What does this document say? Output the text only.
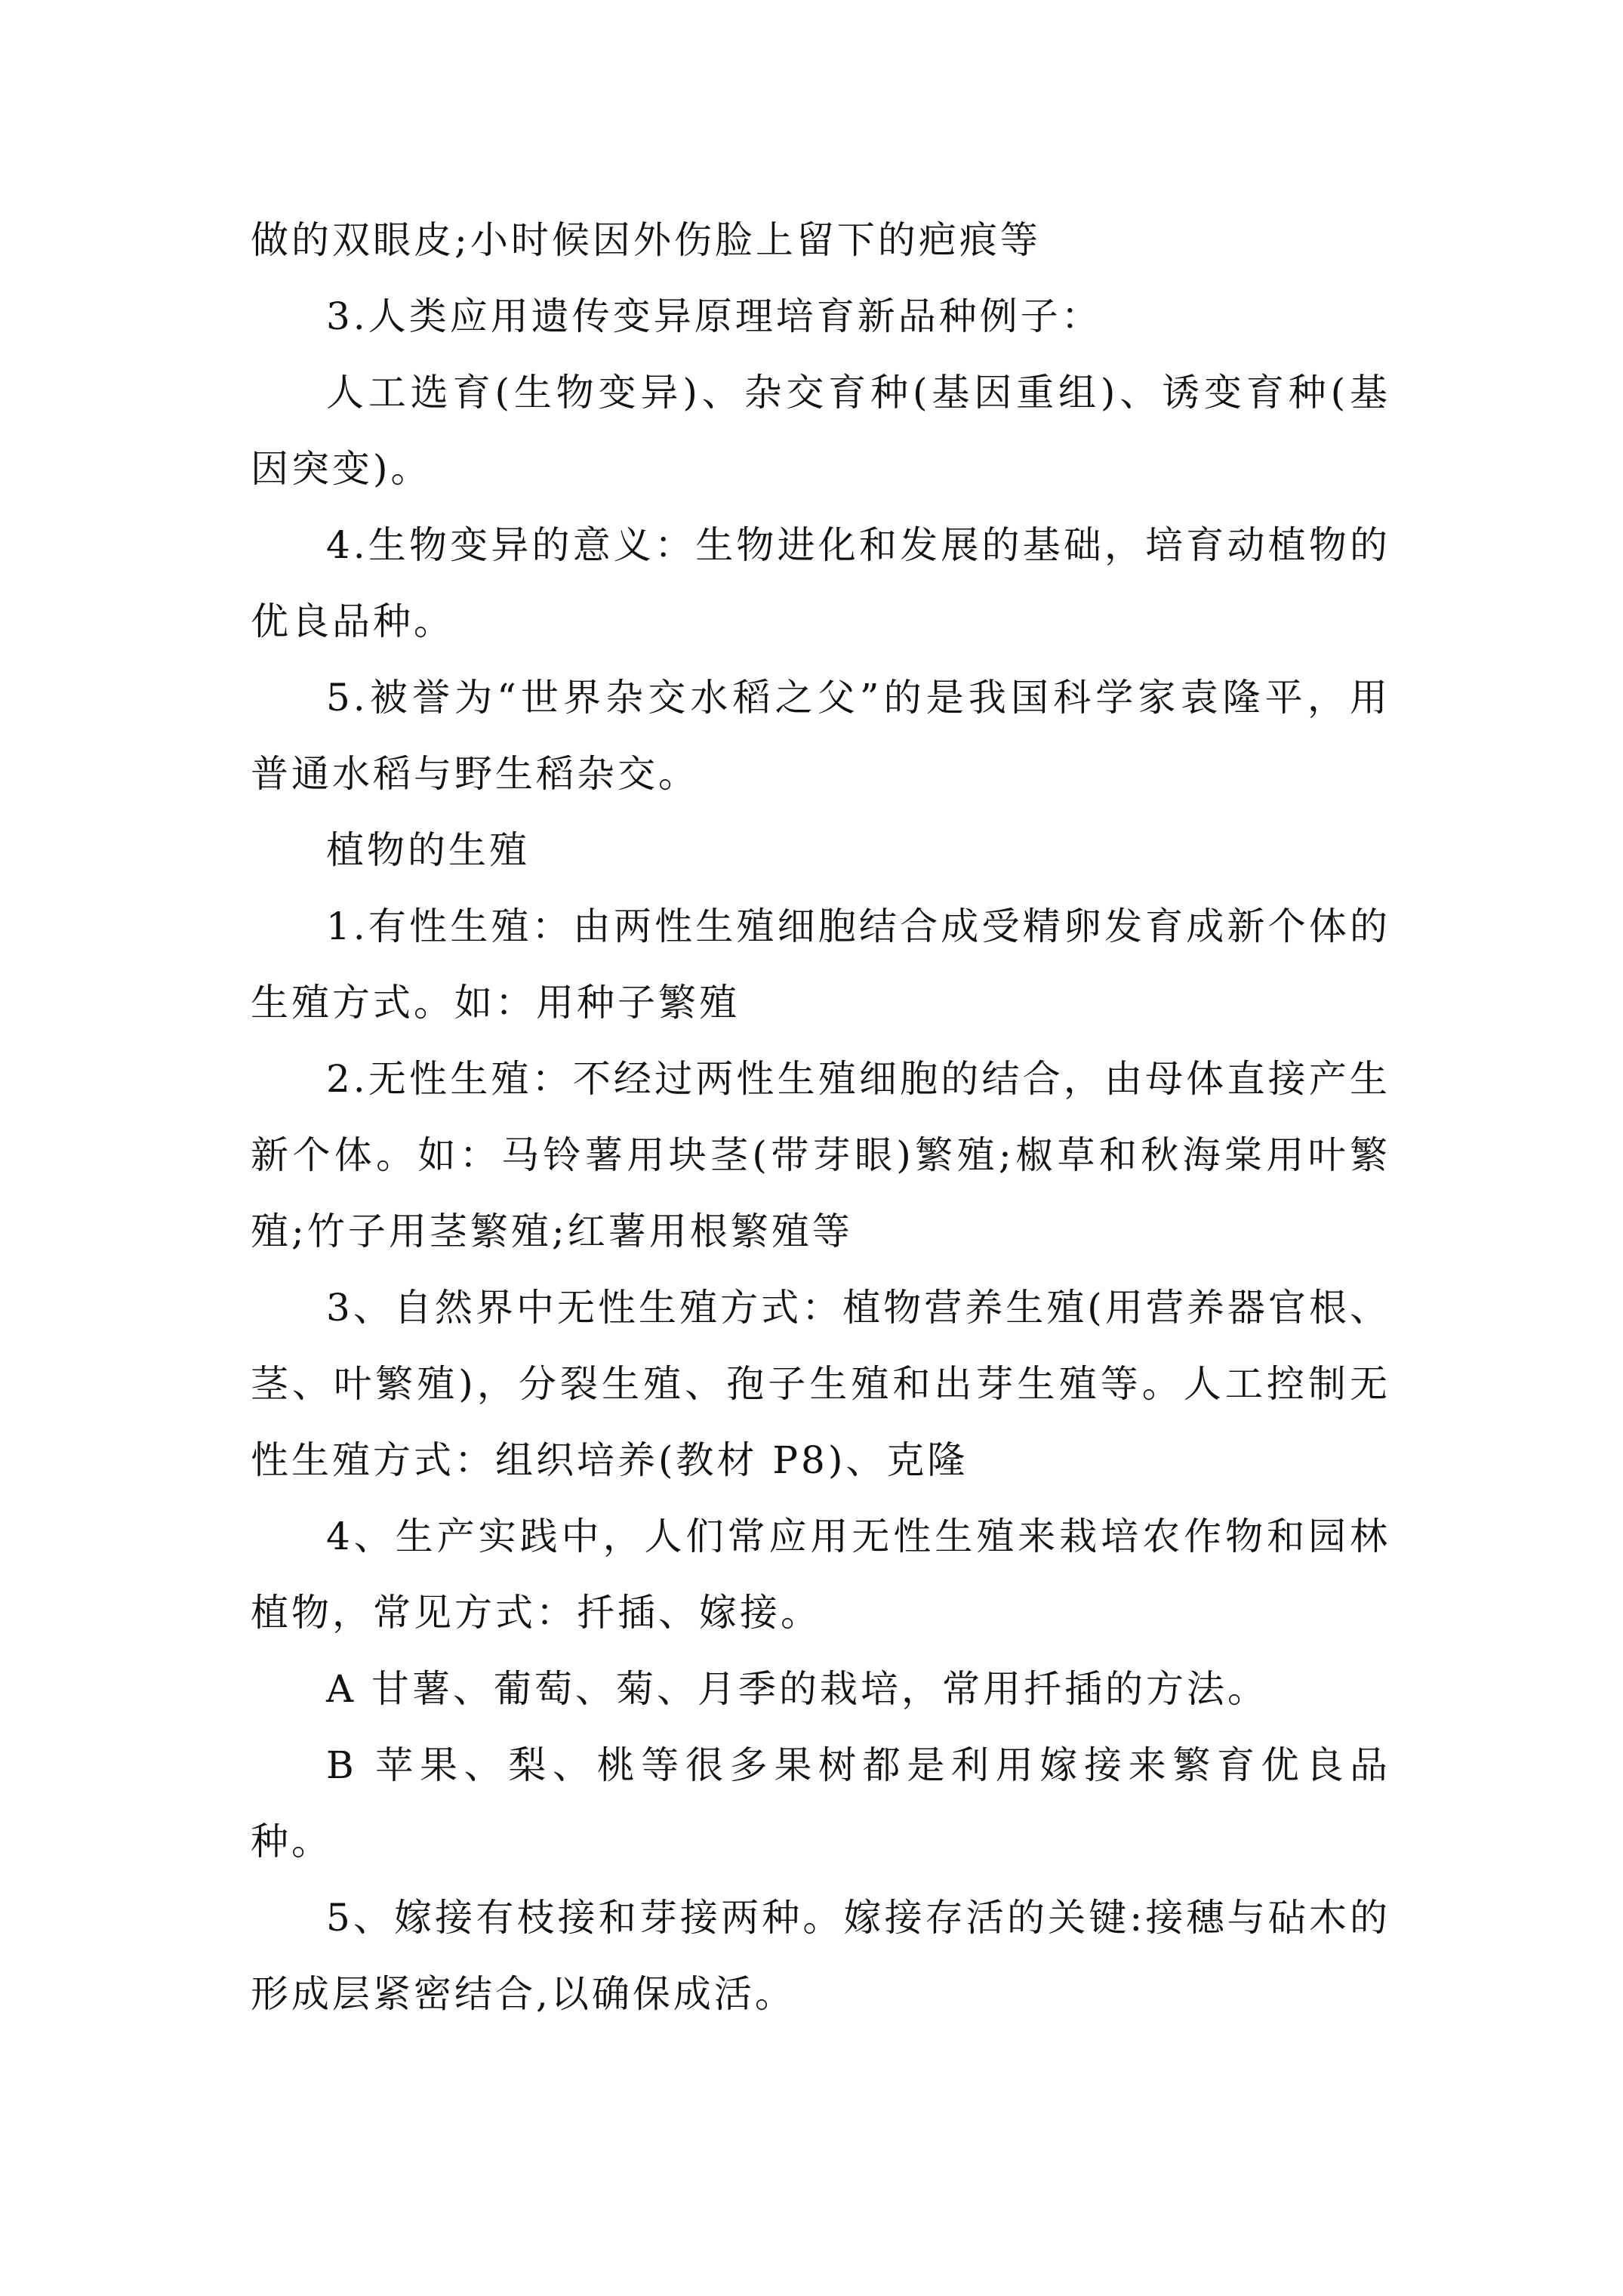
做的双眼皮;小时候因外伤脸上留下的疤痕等

3.人类应用遗传变异原理培育新品种例子：

人工选育(生物变异)、杂交育种(基因重组)、诱变育种(基因突变)。

4.生物变异的意义：生物进化和发展的基础，培育动植物的优良品种。

5.被誉为“世界杂交水稻之父”的是我国科学家袁隆平，用普通水稻与野生稻杂交。

植物的生殖

1.有性生殖：由两性生殖细胞结合成受精卵发育成新个体的生殖方式。如：用种子繁殖

2.无性生殖：不经过两性生殖细胞的结合，由母体直接产生新个体。如：马铃薯用块茎(带芽眼)繁殖;椒草和秋海棠用叶繁殖;竹子用茎繁殖;红薯用根繁殖等

3、自然界中无性生殖方式：植物营养生殖(用营养器官根、茎、叶繁殖)，分裂生殖、孢子生殖和出芽生殖等。人工控制无性生殖方式：组织培养(教材 P8)、克隆

4、生产实践中，人们常应用无性生殖来栽培农作物和园林植物，常见方式：扦插、嫁接。

A 甘薯、葡萄、菊、月季的栽培，常用扦插的方法。

B 苹果、梨、桃等很多果树都是利用嫁接来繁育优良品种。

5、嫁接有枝接和芽接两种。嫁接存活的关键:接穗与砧木的形成层紧密结合,以确保成活。
